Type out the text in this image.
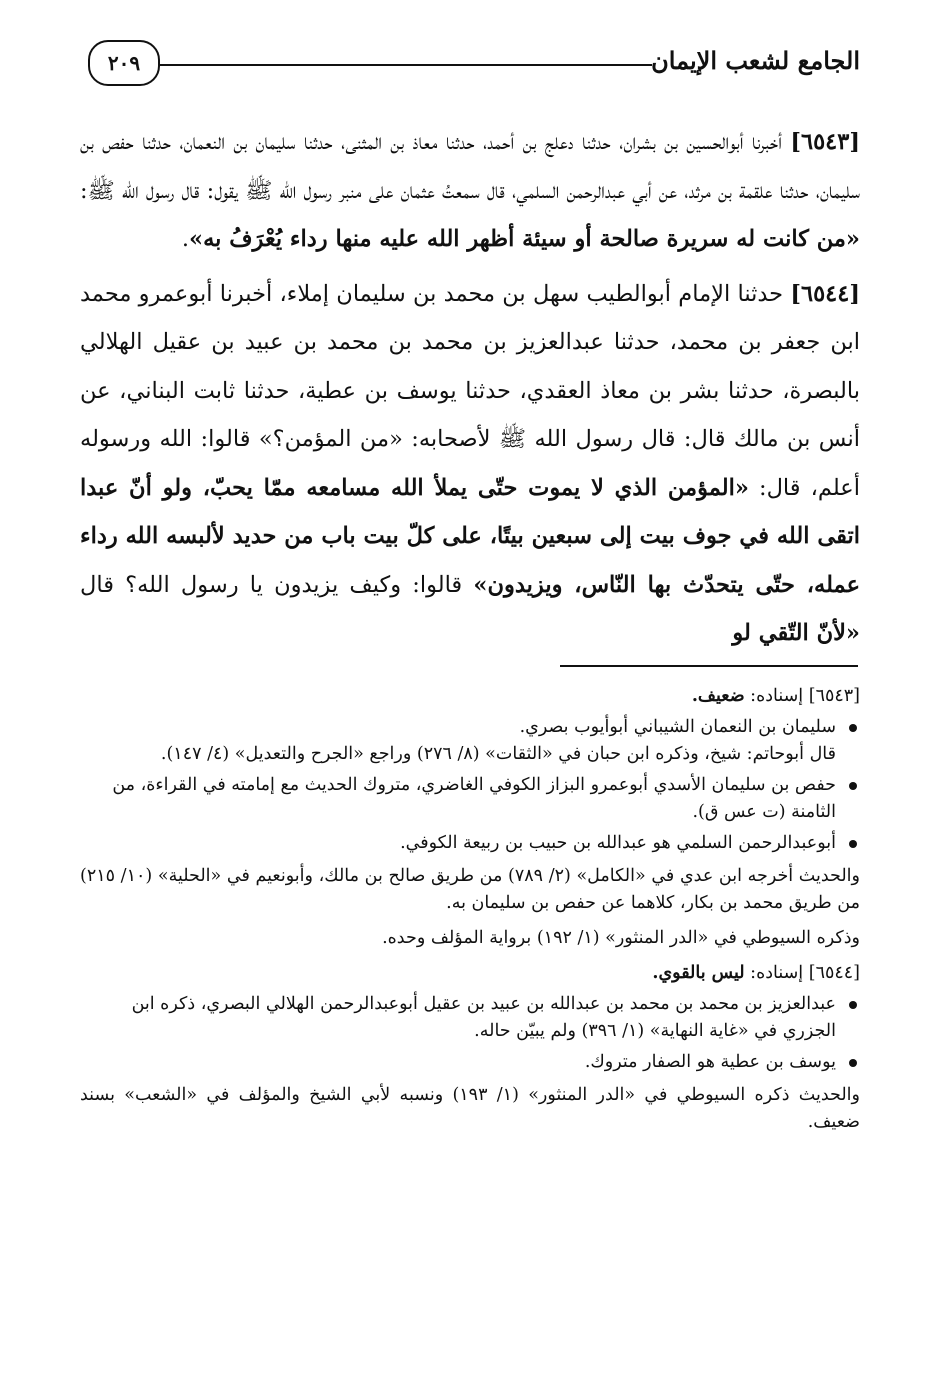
الجامع لشعب الإيمان
٢٠٩

[٦٥٤٣] أخبرنا أبوالحسين بن بشران، حدثنا دعلج بن أحمد، حدثنا معاذ بن المثنى، حدثنا سليمان بن النعمان، حدثنا حفص بن سليمان، حدثنا علقمة بن مرثد، عن أبي عبدالرحمن السلمي، قال سمعتُ عثمان على منبر رسول الله ﷺ يقول: قال رسول الله ﷺ: «من كانت له سريرة صالحة أو سيئة أظهر الله عليه منها رداء يُعْرَفُ به».

[٦٥٤٤] حدثنا الإمام أبوالطيب سهل بن محمد بن سليمان إملاء، أخبرنا أبوعمرو محمد ابن جعفر بن محمد، حدثنا عبدالعزيز بن محمد بن محمد بن عبيد بن عقيل الهلالي بالبصرة، حدثنا بشر بن معاذ العقدي، حدثنا يوسف بن عطية، حدثنا ثابت البناني، عن أنس بن مالك قال: قال رسول الله ﷺ لأصحابه: «من المؤمن؟» قالوا: الله ورسوله أعلم، قال: «المؤمن الذي لا يموت حتّى يملأ الله مسامعه ممّا يحبّ، ولو أنّ عبدا اتقى الله في جوف بيت إلى سبعين بيتًا، على كلّ بيت باب من حديد لألبسه الله رداء عمله، حتّى يتحدّث بها النّاس، ويزيدون» قالوا: وكيف يزيدون يا رسول الله؟ قال «لأنّ التّقي لو

[٦٥٤٣] إسناده: ضعيف.

سليمان بن النعمان الشيباني أبوأيوب بصري.

قال أبوحاتم: شيخ، وذكره ابن حبان في «الثقات» (٨/ ٢٧٦) وراجع «الجرح والتعديل» (٤/ ١٤٧).

حفص بن سليمان الأسدي أبوعمرو البزاز الكوفي الغاضري، متروك الحديث مع إمامته في القراءة، من الثامنة (ت عس ق).
أبوعبدالرحمن السلمي هو عبدالله بن حبيب بن ربيعة الكوفي.

والحديث أخرجه ابن عدي في «الكامل» (٢/ ٧٨٩) من طريق صالح بن مالك، وأبونعيم في «الحلية» (١٠/ ٢١٥) من طريق محمد بن بكار، كلاهما عن حفص بن سليمان به.

وذكره السيوطي في «الدر المنثور» (١/ ١٩٢) برواية المؤلف وحده.

[٦٥٤٤] إسناده: ليس بالقوي.

عبدالعزيز بن محمد بن محمد بن عبدالله بن عبيد بن عقيل أبوعبدالرحمن الهلالي البصري، ذكره ابن الجزري في «غاية النهاية» (١/ ٣٩٦) ولم يبيّن حاله.
يوسف بن عطية هو الصفار متروك.

والحديث ذكره السيوطي في «الدر المنثور» (١/ ١٩٣) ونسبه لأبي الشيخ والمؤلف في «الشعب» بسند ضعيف.
